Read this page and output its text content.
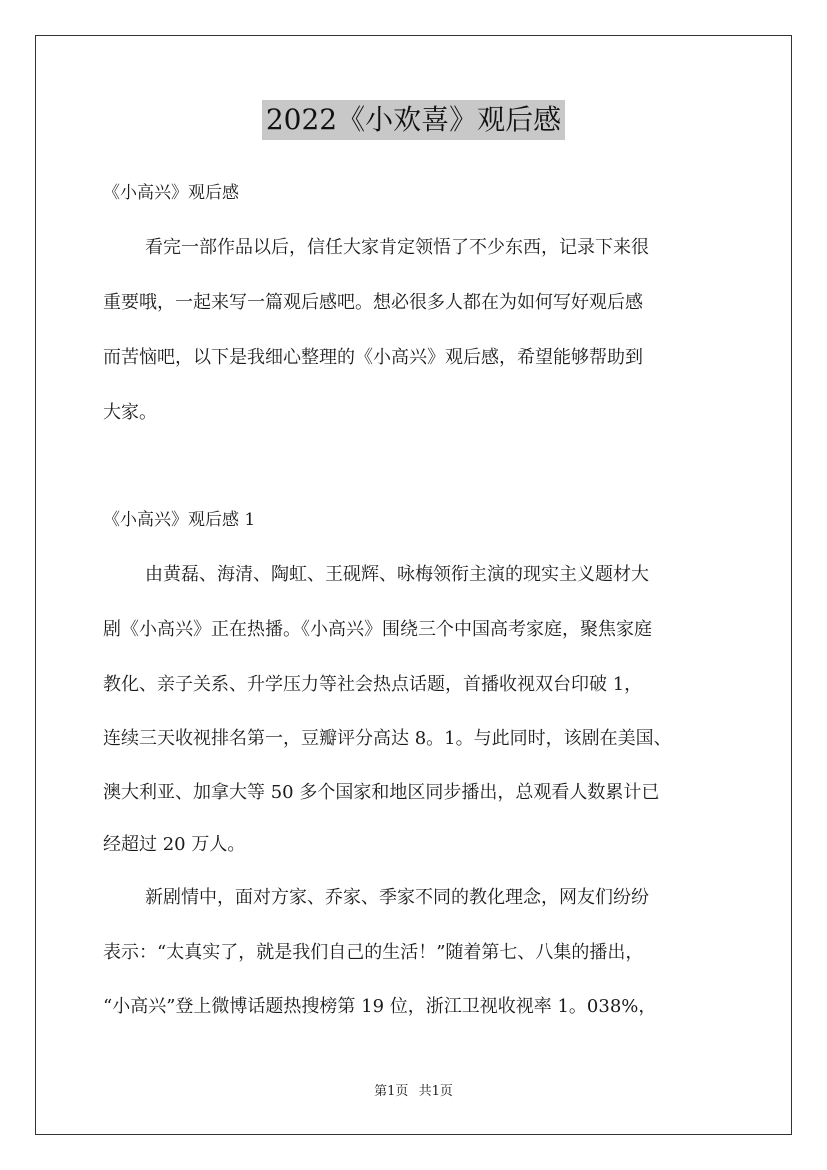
2022《小欢喜》观后感
《小高兴》观后感
看完一部作品以后，信任大家肯定领悟了不少东西，记录下来很
重要哦，一起来写一篇观后感吧。想必很多人都在为如何写好观后感
而苦恼吧，以下是我细心整理的《小高兴》观后感，希望能够帮助到
大家。
《小高兴》观后感 1
由黄磊、海清、陶虹、王砚辉、咏梅领衔主演的现实主义题材大
剧《小高兴》正在热播。《小高兴》围绕三个中国高考家庭，聚焦家庭
教化、亲子关系、升学压力等社会热点话题，首播收视双台印破 1，
连续三天收视排名第一，豆瓣评分高达 8。1。与此同时，该剧在美国、
澳大利亚、加拿大等 50 多个国家和地区同步播出，总观看人数累计已
经超过 20 万人。
新剧情中，面对方家、乔家、季家不同的教化理念，网友们纷纷
表示：“太真实了，就是我们自己的生活！”随着第七、八集的播出，
“小高兴”登上微博话题热搜榜第 19 位，浙江卫视收视率 1。038%，
第1页 共1页
